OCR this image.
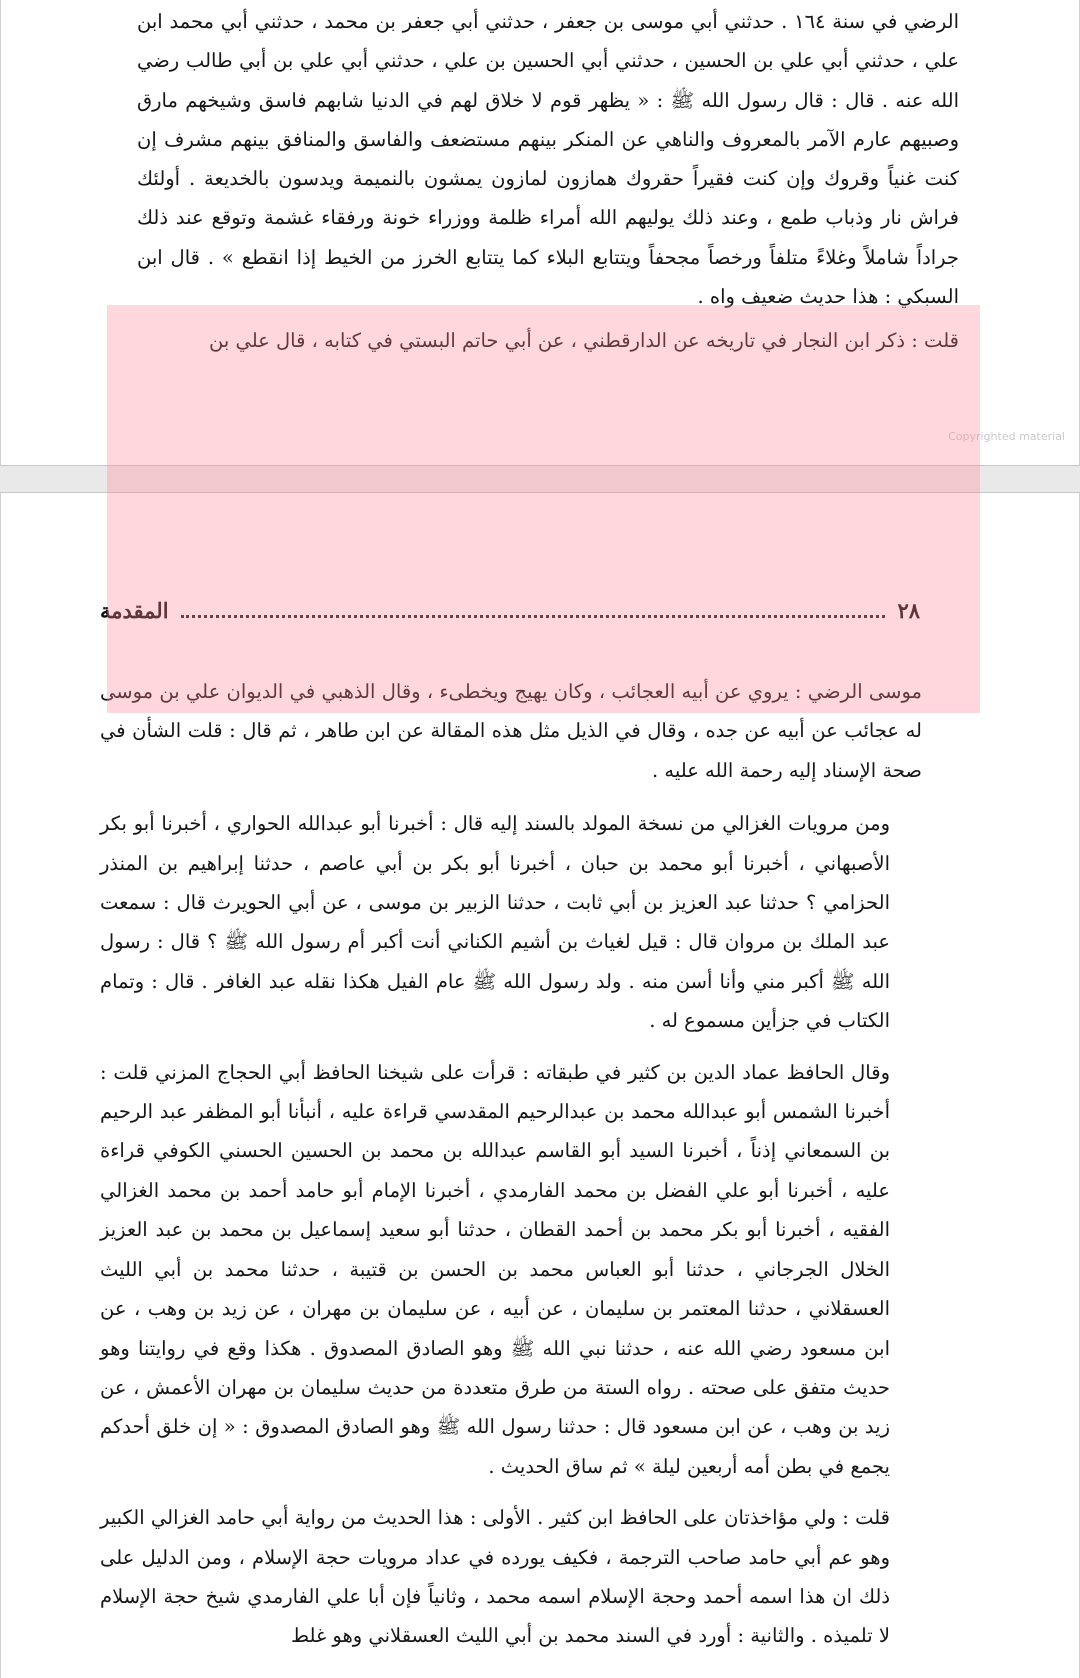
الرضي في سنة ١٦٤ . حدثني أبي موسى بن جعفر ، حدثني أبي جعفر بن محمد ، حدثني أبي محمد ابن علي ، حدثني أبي علي بن الحسين ، حدثني أبي الحسين بن علي ، حدثني أبي علي بن أبي طالب رضي الله عنه . قال : قال رسول الله ﷺ : « يظهر قوم لا خلاق لهم في الدنيا شابهم فاسق وشيخهم مارق وصبيهم عارم الآمر بالمعروف والناهي عن المنكر بينهم مستضعف والفاسق والمنافق بينهم مشرف إن كنت غنياً وقروك وإن كنت فقيراً حقروك همازون لمازون يمشون بالنميمة ويدسون بالخديعة . أولئك فراش نار وذباب طمع ، وعند ذلك يوليهم الله أمراء ظلمة ووزراء خونة ورفقاء غشمة وتوقع عند ذلك جراداً شاملاً وغلاءً متلفاً ورخصاً مجحفاً ويتتابع البلاء كما يتتابع الخرز من الخيط إذا انقطع » . قال ابن السبكي : هذا حديث ضعيف واه .
قلت : ذكر ابن النجار في تاريخه عن الدارقطني ، عن أبي حاتم البستي في كتابه ، قال علي بن
Copyrighted material
٢٨
المقدمة

موسى الرضي : يروي عن أبيه العجائب ، وكان يهيج ويخطىء ، وقال الذهبي في الديوان علي بن موسى له عجائب عن أبيه عن جده ، وقال في الذيل مثل هذه المقالة عن ابن طاهر ، ثم قال : قلت الشأن في صحة الإسناد إليه رحمة الله عليه .

ومن مرويات الغزالي من نسخة المولد بالسند إليه قال : أخبرنا أبو عبدالله الحواري ، أخبرنا أبو بكر الأصبهاني ، أخبرنا أبو محمد بن حبان ، أخبرنا أبو بكر بن أبي عاصم ، حدثنا إبراهيم بن المنذر الحزامي ؟ حدثنا عبد العزيز بن أبي ثابت ، حدثنا الزبير بن موسى ، عن أبي الحويرث قال : سمعت عبد الملك بن مروان قال : قيل لغياث بن أشيم الكناني أنت أكبر أم رسول الله ﷺ ؟ قال : رسول الله ﷺ أكبر مني وأنا أسن منه . ولد رسول الله ﷺ عام الفيل هكذا نقله عبد الغافر . قال : وتمام الكتاب في جزأين مسموع له .

وقال الحافظ عماد الدين بن كثير في طبقاته : قرأت على شيخنا الحافظ أبي الحجاج المزني قلت : أخبرنا الشمس أبو عبدالله محمد بن عبدالرحيم المقدسي قراءة عليه ، أنبأنا أبو المظفر عبد الرحيم بن السمعاني إذناً ، أخبرنا السيد أبو القاسم عبدالله بن محمد بن الحسين الحسني الكوفي قراءة عليه ، أخبرنا أبو علي الفضل بن محمد الفارمدي ، أخبرنا الإمام أبو حامد أحمد بن محمد الغزالي الفقيه ، أخبرنا أبو بكر محمد بن أحمد القطان ، حدثنا أبو سعيد إسماعيل بن محمد بن عبد العزيز الخلال الجرجاني ، حدثنا أبو العباس محمد بن الحسن بن قتيبة ، حدثنا محمد بن أبي الليث العسقلاني ، حدثنا المعتمر بن سليمان ، عن أبيه ، عن سليمان بن مهران ، عن زيد بن وهب ، عن ابن مسعود رضي الله عنه ، حدثنا نبي الله ﷺ وهو الصادق المصدوق . هكذا وقع في روايتنا وهو حديث متفق على صحته . رواه الستة من طرق متعددة من حديث سليمان بن مهران الأعمش ، عن زيد بن وهب ، عن ابن مسعود قال : حدثنا رسول الله ﷺ وهو الصادق المصدوق : « إن خلق أحدكم يجمع في بطن أمه أربعين ليلة » ثم ساق الحديث .

قلت : ولي مؤاخذتان على الحافظ ابن كثير . الأولى : هذا الحديث من رواية أبي حامد الغزالي الكبير وهو عم أبي حامد صاحب الترجمة ، فكيف يورده في عداد مرويات حجة الإسلام ، ومن الدليل على ذلك ان هذا اسمه أحمد وحجة الإسلام اسمه محمد ، وثانياً فإن أبا علي الفارمدي شيخ حجة الإسلام لا تلميذه . والثانية : أورد في السند محمد بن أبي الليث العسقلاني وهو غلط
